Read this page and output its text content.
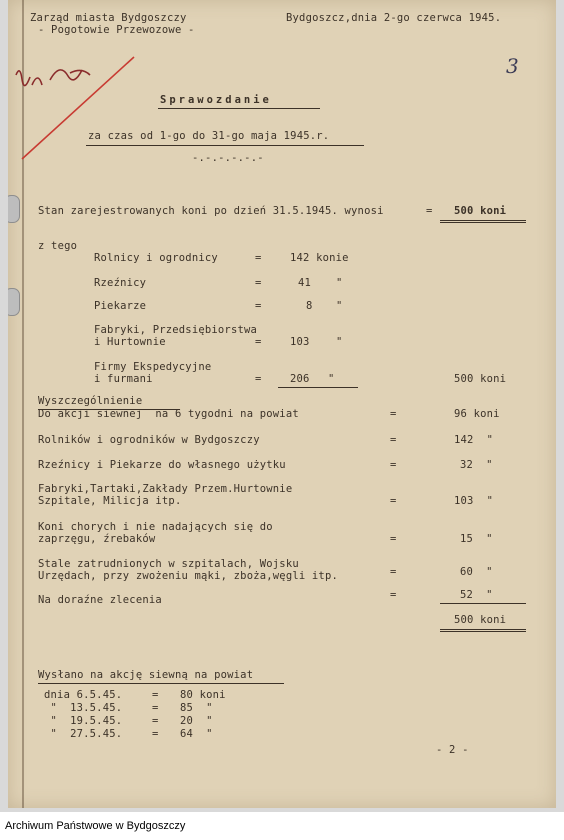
Zarząd miasta Bydgoszczy
- Pogotowie Przewozowe -
Bydgoszcz,dnia 2-go czerwca 1945.
3
Sprawozdanie
za czas od 1-go do 31-go maja 1945.r.
-.-.-.-.-.-
Stan zarejestrowanych koni po dzień 31.5.1945. wynosi	= 500 koni
z tego
Rolnicy i ogrodnicy	=	142 konie
Rzeźnicy	=	41 "
Piekarze	=	8 "
Fabryki, Przedsiębiorstwa
i Hurtownie	=	103	"
Firmy Ekspedycyjne
i furmani	=	206 "	500 koni
Wyszczególnienie
Do akcji siewnej  na 6 tygodni na powiat	=	96 koni
Rolników i ogrodników w Bydgoszczy	=	142  "
Rzeźnicy i Piekarze do własnego użytku	=	32  "
Fabryki,Tartaki,Zakłady Przem.Hurtownie
Szpitale, Milicja itp.	=	103  "
Koni chorych i nie nadających się do
zaprzęgu, źrebaków	=	15  "
Stale zatrudnionych w szpitalach, Wojsku
Urzędach, przy zwożeniu mąki, zboża,węgli itp.	=	60  "
Na doraźne zlecenia	=	52  "
500 koni
Wysłano na akcję siewną na powiat
dnia 6.5.45.	= 80 koni
"  13.5.45.	= 85  "
"  19.5.45.	= 20  "
"  27.5.45.	= 64  "
- 2 -
Archiwum Państwowe w Bydgoszczy
